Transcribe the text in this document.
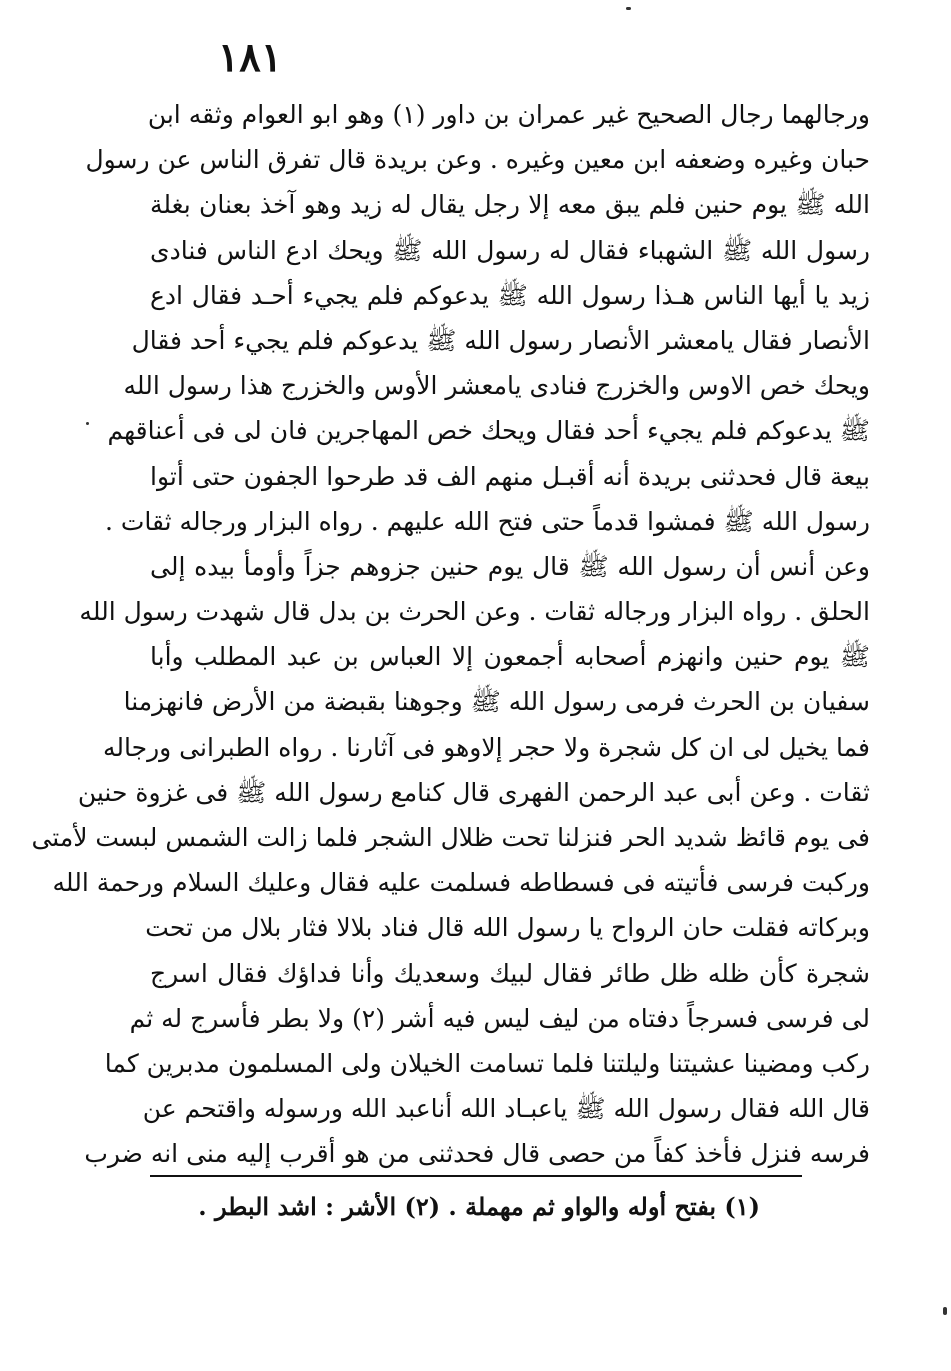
١٨١
ورجالهما رجال الصحيح غير عمران بن داور (١) وهو ابو العوام وثقه ابن
حبان وغيره وضعفه ابن معين وغيره . وعن بريدة قال تفرق الناس عن رسول
الله ﷺ يوم حنين فلم يبق معه إلا رجل يقال له زيد وهو آخذ بعنان بغلة
رسول الله ﷺ الشهباء فقال له رسول الله ﷺ ويحك ادع الناس فنادى
زيد يا أيها الناس هـذا رسول الله ﷺ يدعوكم فلم يجيء أحـد فقال ادع
الأنصار فقال يامعشر الأنصار رسول الله ﷺ يدعوكم فلم يجيء أحد فقال
ويحك خص الاوس والخزرج فنادى يامعشر الأوس والخزرج هذا رسول الله
ﷺ يدعوكم فلم يجيء أحد فقال ويحك خص المهاجرين فان لى فى أعناقهم
بيعة قال فحدثنى بريدة أنه أقبـل منهم الف قد طرحوا الجفون حتى أتوا
رسول الله ﷺ فمشوا قدماً حتى فتح الله عليهم . رواه البزار ورجاله ثقات .
وعن أنس أن رسول الله ﷺ قال يوم حنين جزوهم جزاً وأومأ بيده إلى
الحلق . رواه البزار ورجاله ثقات . وعن الحرث بن بدل قال شهدت رسول الله
ﷺ يوم حنين وانهزم أصحابه أجمعون إلا العباس بن عبد المطلب وأبا
سفيان بن الحرث فرمى رسول الله ﷺ وجوهنا بقبضة من الأرض فانهزمنا
فما يخيل لى ان كل شجرة ولا حجر إلاوهو فى آثارنا . رواه الطبرانى ورجاله
ثقات . وعن أبى عبد الرحمن الفهرى قال كنامع رسول الله ﷺ فى غزوة حنين
فى يوم قائظ شديد الحر فنزلنا تحت ظلال الشجر فلما زالت الشمس لبست لأمتى
وركبت فرسى فأتيته فى فسطاطه فسلمت عليه فقال وعليك السلام ورحمة الله
وبركاته فقلت حان الرواح يا رسول الله قال فناد بلالا فثار بلال من تحت
شجرة كأن ظله ظل طائر فقال لبيك وسعديك وأنا فداؤك فقال اسرج
لى فرسى فسرجاً دفتاه من ليف ليس فيه أشر (٢) ولا بطر فأسرج له ثم
ركب ومضينا عشيتنا وليلتنا فلما تسامت الخيلان ولى المسلمون مدبرين كما
قال الله فقال رسول الله ﷺ ياعبـاد الله أناعبد الله ورسوله واقتحم عن
فرسه فنزل فأخذ كفاً من حصى قال فحدثنى من هو أقرب إليه منى انه ضرب
(١) بفتح أوله والواو ثم مهملة . (٢) الأشر : اشد البطر .
